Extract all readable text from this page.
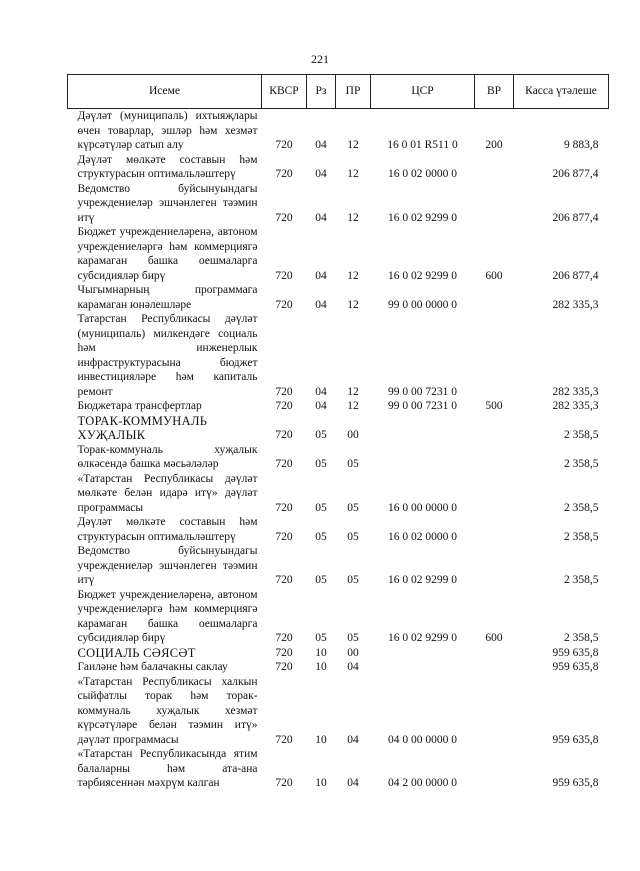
221
Исеме	КВСР	Рз	ПР	ЦСР	ВР	Касса үтәлеше
Дәүләт (муниципаль) ихтыяҗлары өчен товарлар, эшләр һәм хезмәт күрсәтүләр сатып алу	720	04	12	16 0 01 R511 0	200	9 883,8
Дәүләт мөлкәте составын һәм структурасын оптимальләштерү	720	04	12	16 0 02 0000 0		206 877,4
Ведомство буйсынуындагы учреждениеләр эшчәнлеген тәэмин итү	720	04	12	16 0 02 9299 0		206 877,4
Бюджет учреждениеләренә, автоном учреждениеләргә һәм коммерциягә карамаган башка оешмаларга субсидияләр бирү	720	04	12	16 0 02 9299 0	600	206 877,4
Чыгымнарның программага карамаган юнәлешләре	720	04	12	99 0 00 0000 0		282 335,3
Татарстан Республикасы дәүләт (муниципаль) милкендәге социаль һәм инженерлык инфраструктурасына бюджет инвестицияләре һәм капиталь ремонт	720	04	12	99 0 00 7231 0		282 335,3
Бюджетара трансфертлар	720	04	12	99 0 00 7231 0	500	282 335,3
ТОРАК-КОММУНАЛЬ ХУҖАЛЫК	720	05	00			2 358,5
Торак-коммуналь хуҗалык өлкәсендә башка мәсьәләләр	720	05	05			2 358,5
«Татарстан Республикасы дәүләт мөлкәте белән идарә итү» дәүләт программасы	720	05	05	16 0 00 0000 0		2 358,5
Дәүләт мөлкәте составын һәм структурасын оптимальләштерү	720	05	05	16 0 02 0000 0		2 358,5
Ведомство буйсынуындагы учреждениеләр эшчәнлеген тәэмин итү	720	05	05	16 0 02 9299 0		2 358,5
Бюджет учреждениеләренә, автоном учреждениеләргә һәм коммерциягә карамаган башка оешмаларга субсидияләр бирү	720	05	05	16 0 02 9299 0	600	2 358,5
СОЦИАЛЬ СӘЯСӘТ	720	10	00			959 635,8
Гаиләне һәм балачакны саклау	720	10	04			959 635,8
«Татарстан Республикасы халкын сыйфатлы торак һәм торак-коммуналь хуҗалык хезмәт күрсәтүләре белән тәэмин итү» дәүләт программасы	720	10	04	04 0 00 0000 0		959 635,8
«Татарстан Республикасында ятим балаларны һәм ата-ана тәрбиясеннән мәхрүм калган	720	10	04	04 2 00 0000 0		959 635,8
